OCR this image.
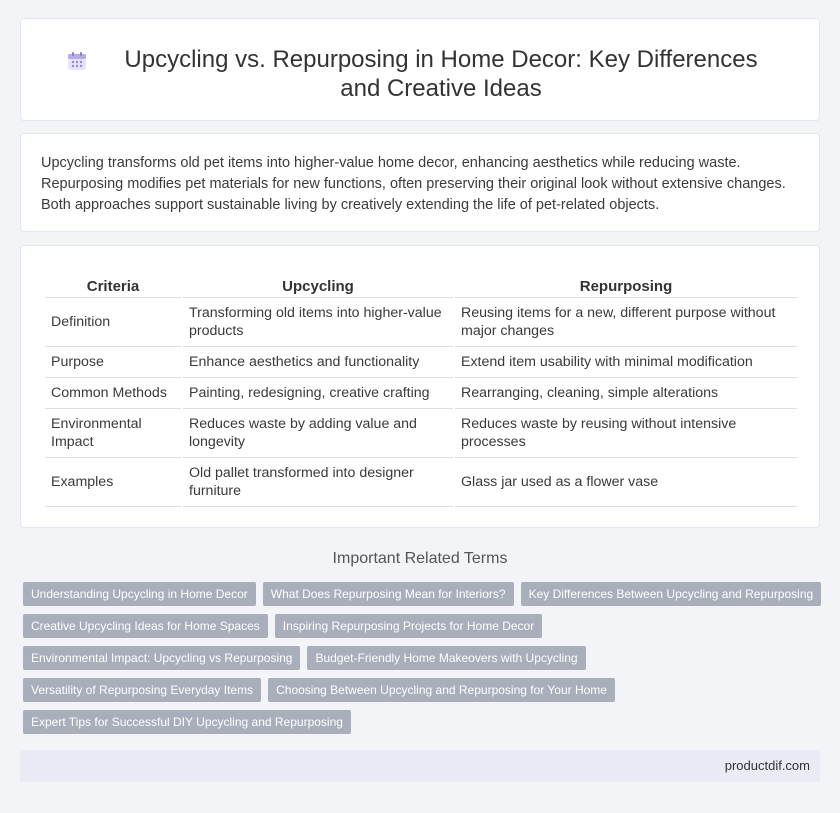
Upcycling vs. Repurposing in Home Decor: Key Differences and Creative Ideas

Upcycling transforms old pet items into higher-value home decor, enhancing aesthetics while reducing waste. Repurposing modifies pet materials for new functions, often preserving their original look without extensive changes. Both approaches support sustainable living by creatively extending the life of pet-related objects.

Criteria	Upcycling	Repurposing
Definition	Transforming old items into higher-value products	Reusing items for a new, different purpose without major changes
Purpose	Enhance aesthetics and functionality	Extend item usability with minimal modification
Common Methods	Painting, redesigning, creative crafting	Rearranging, cleaning, simple alterations
Environmental Impact	Reduces waste by adding value and longevity	Reduces waste by reusing without intensive processes
Examples	Old pallet transformed into designer furniture	Glass jar used as a flower vase
Important Related Terms
Understanding Upcycling in Home Decor	What Does Repurposing Mean for Interiors?	Key Differences Between Upcycling and Repurposing
Creative Upcycling Ideas for Home Spaces	Inspiring Repurposing Projects for Home Decor
Environmental Impact: Upcycling vs Repurposing	Budget-Friendly Home Makeovers with Upcycling
Versatility of Repurposing Everyday Items	Choosing Between Upcycling and Repurposing for Your Home
Expert Tips for Successful DIY Upcycling and Repurposing
productdif.com
